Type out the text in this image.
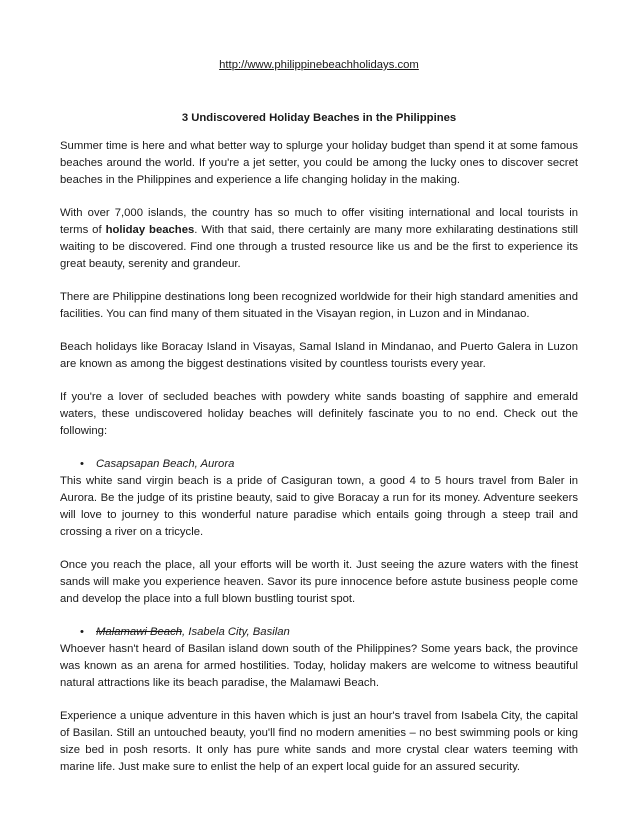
http://www.philippinebeachholidays.com

3 Undiscovered Holiday Beaches in the Philippines

Summer time is here and what better way to splurge your holiday budget than spend it at some famous beaches around the world. If you're a jet setter, you could be among the lucky ones to discover secret beaches in the Philippines and experience a life changing holiday in the making.

With over 7,000 islands, the country has so much to offer visiting international and local tourists in terms of holiday beaches. With that said, there certainly are many more exhilarating destinations still waiting to be discovered. Find one through a trusted resource like us and be the first to experience its great beauty, serenity and grandeur.

There are Philippine destinations long been recognized worldwide for their high standard amenities and facilities. You can find many of them situated in the Visayan region, in Luzon and in Mindanao.

Beach holidays like Boracay Island in Visayas, Samal Island in Mindanao, and Puerto Galera in Luzon are known as among the biggest destinations visited by countless tourists every year.

If you're a lover of secluded beaches with powdery white sands boasting of sapphire and emerald waters, these undiscovered holiday beaches will definitely fascinate you to no end. Check out the following:

• Casapsapan Beach, Aurora

This white sand virgin beach is a pride of Casiguran town, a good 4 to 5 hours travel from Baler in Aurora. Be the judge of its pristine beauty, said to give Boracay a run for its money. Adventure seekers will love to journey to this wonderful nature paradise which entails going through a steep trail and crossing a river on a tricycle.

Once you reach the place, all your efforts will be worth it. Just seeing the azure waters with the finest sands will make you experience heaven. Savor its pure innocence before astute business people come and develop the place into a full blown bustling tourist spot.

• Malamawi Beach, Isabela City, Basilan

Whoever hasn't heard of Basilan island down south of the Philippines? Some years back, the province was known as an arena for armed hostilities. Today, holiday makers are welcome to witness beautiful natural attractions like its beach paradise, the Malamawi Beach.

Experience a unique adventure in this haven which is just an hour's travel from Isabela City, the capital of Basilan. Still an untouched beauty, you'll find no modern amenities – no best swimming pools or king size bed in posh resorts. It only has pure white sands and more crystal clear waters teeming with marine life. Just make sure to enlist the help of an expert local guide for an assured security.
